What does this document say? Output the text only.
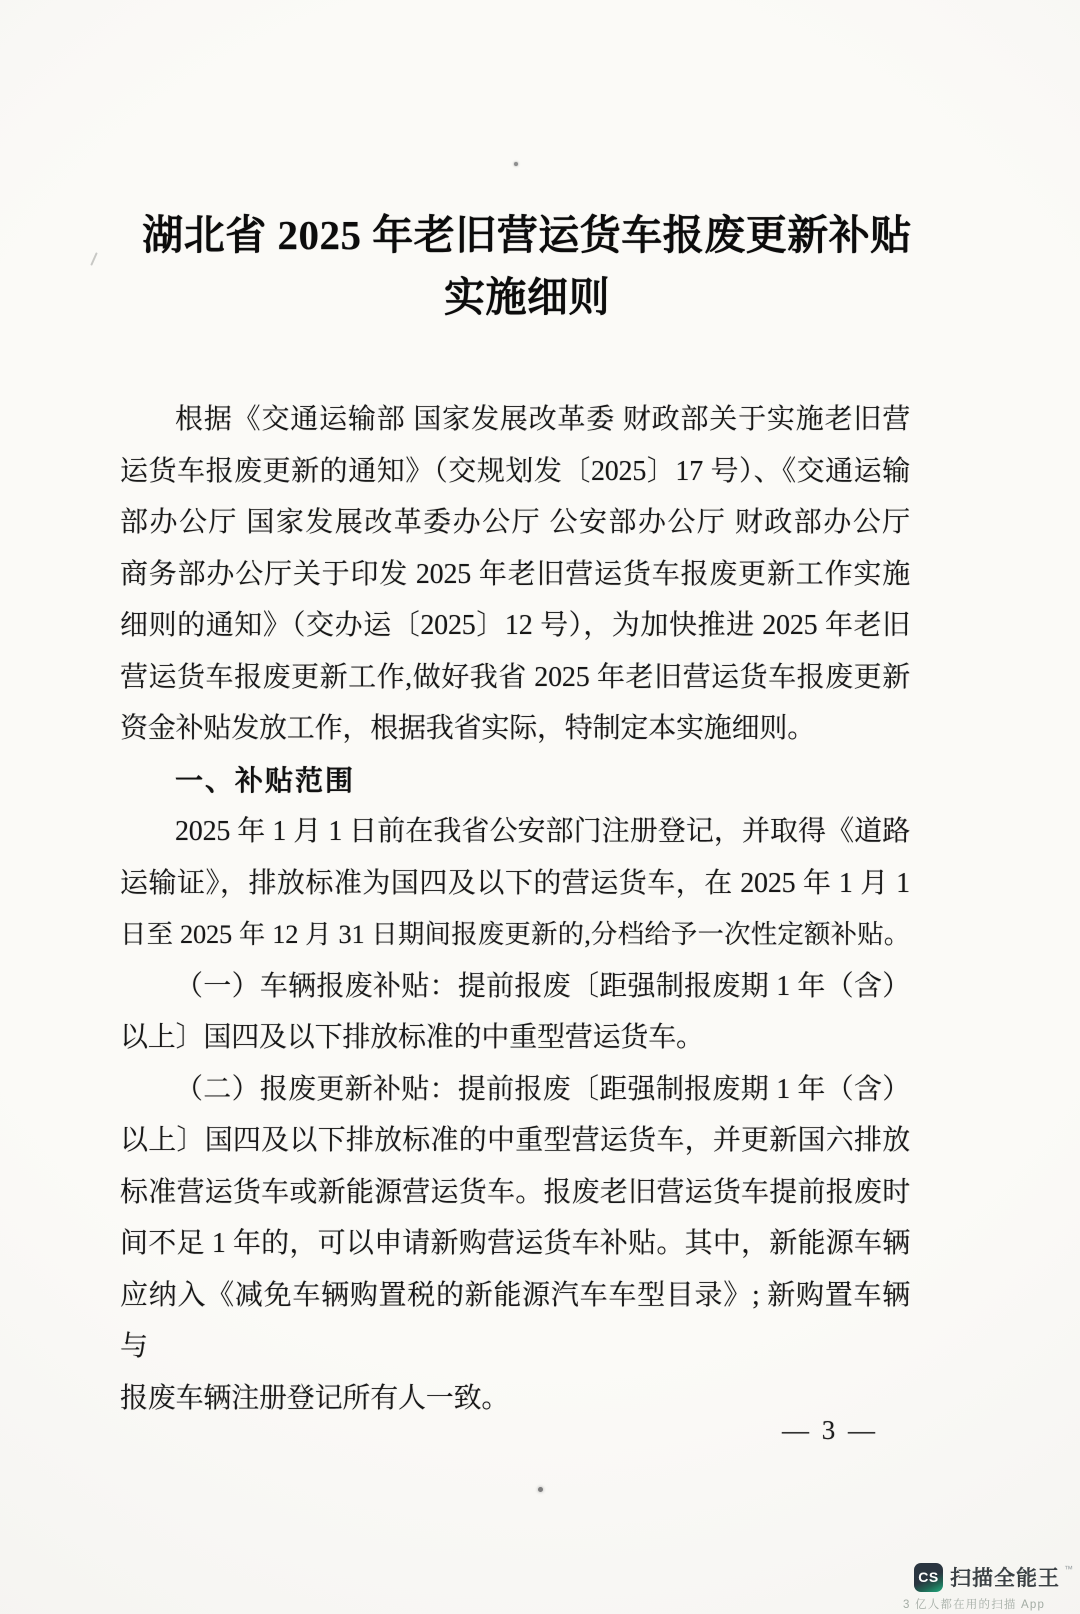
湖北省 2025 年老旧营运货车报废更新补贴
实施细则

根据《交通运输部 国家发展改革委 财政部关于实施老旧营

运货车报废更新的通知》（交规划发〔2025〕17 号）、《交通运输

部办公厅 国家发展改革委办公厅 公安部办公厅 财政部办公厅

商务部办公厅关于印发 2025 年老旧营运货车报废更新工作实施

细则的通知》（交办运〔2025〕12 号），为加快推进 2025 年老旧

营运货车报废更新工作,做好我省 2025 年老旧营运货车报废更新

资金补贴发放工作，根据我省实际，特制定本实施细则。

一、补贴范围

2025 年 1 月 1 日前在我省公安部门注册登记，并取得《道路

运输证》，排放标准为国四及以下的营运货车，在 2025 年 1 月 1

日至 2025 年 12 月 31 日期间报废更新的,分档给予一次性定额补贴。

（一）车辆报废补贴：提前报废〔距强制报废期 1 年（含）

以上〕国四及以下排放标准的中重型营运货车。

（二）报废更新补贴：提前报废〔距强制报废期 1 年（含）

以上〕国四及以下排放标准的中重型营运货车，并更新国六排放

标准营运货车或新能源营运货车。报废老旧营运货车提前报废时

间不足 1 年的，可以申请新购营运货车补贴。其中，新能源车辆

应纳入《减免车辆购置税的新能源汽车车型目录》; 新购置车辆与

报废车辆注册登记所有人一致。

— 3 —
CS 扫描全能王 ™
3 亿人都在用的扫描 App
